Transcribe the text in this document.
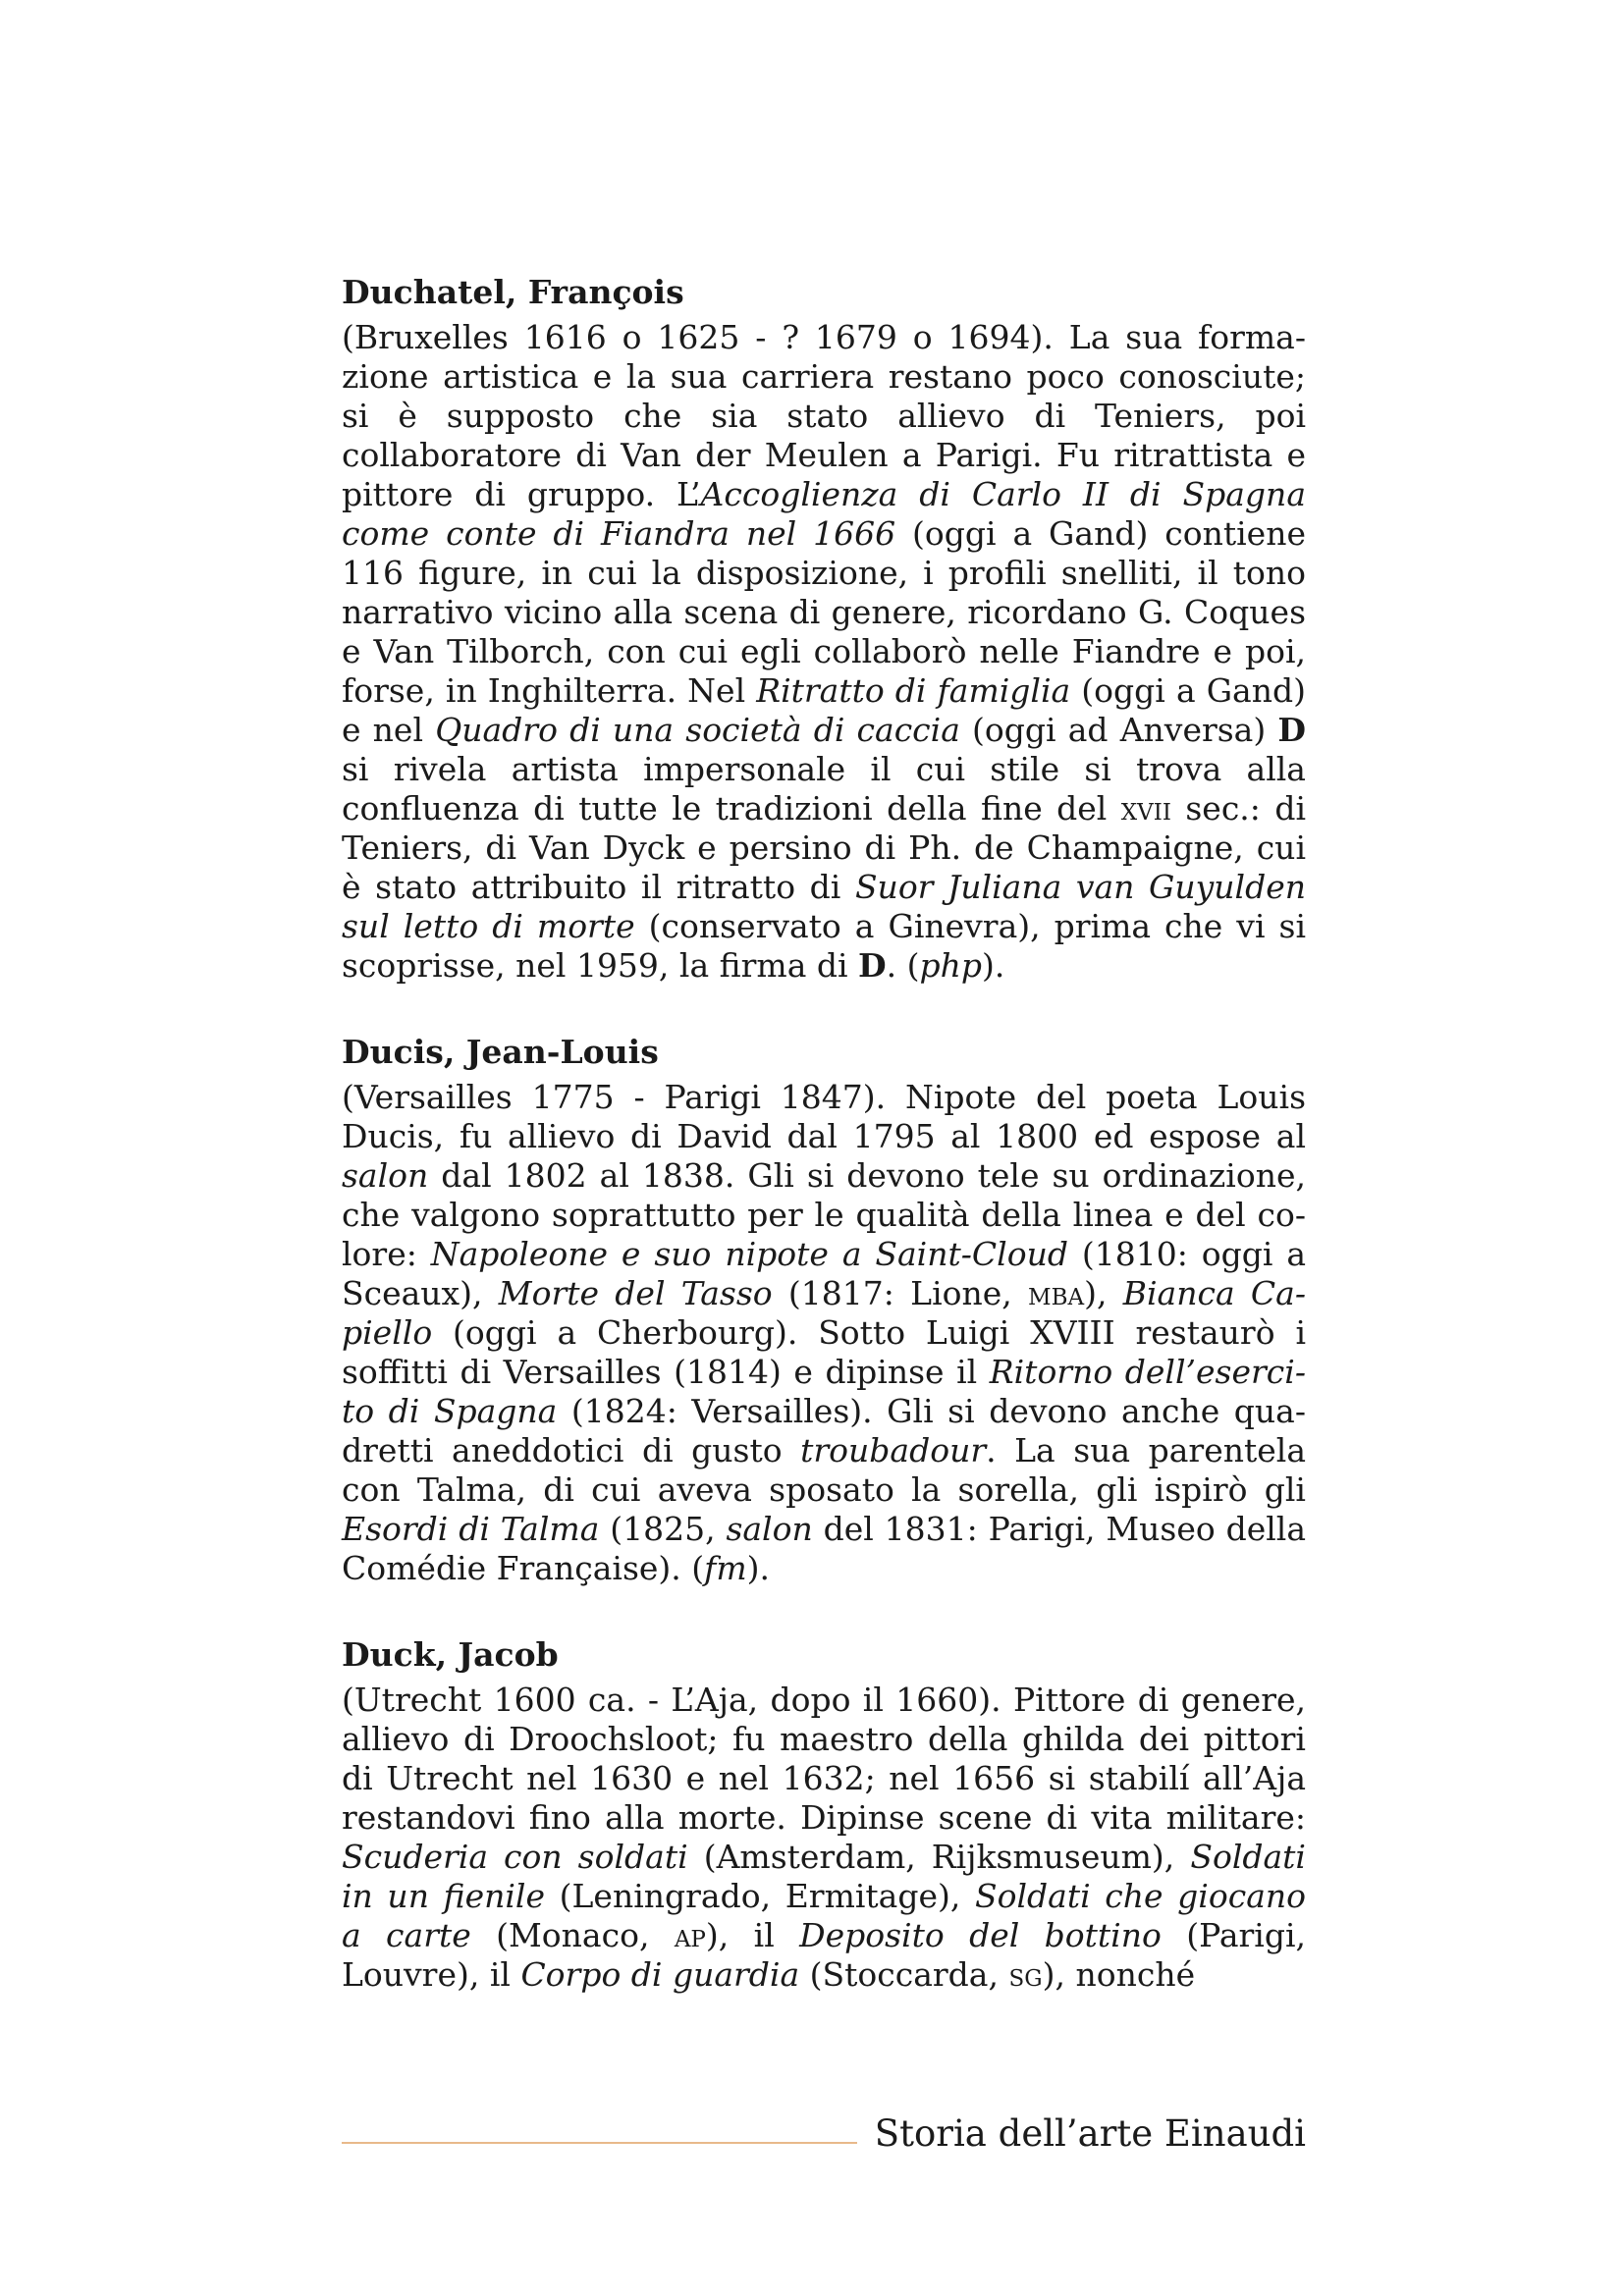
Duchatel, François

(Bruxelles 1616 o 1625 - ? 1679 o 1694). La sua formazione artistica e la sua carriera restano poco conosciute; si è supposto che sia stato allievo di Teniers, poi collaboratore di Van der Meulen a Parigi. Fu ritrattista e pittore di gruppo. L’Accoglienza di Carlo II di Spagna come conte di Fiandra nel 1666 (oggi a Gand) contiene 116 figure, in cui la disposizione, i profili snelliti, il tono narrativo vicino alla scena di genere, ricordano G. Coques e Van Tilborch, con cui egli collaborò nelle Fiandre e poi, forse, in Inghilterra. Nel Ritratto di famiglia (oggi a Gand) e nel Quadro di una società di caccia (oggi ad Anversa) D si rivela artista impersonale il cui stile si trova alla confluenza di tutte le tradizioni della fine del xvii sec.: di Teniers, di Van Dyck e persino di Ph. de Champaigne, cui è stato attribuito il ritratto di Suor Juliana van Guyulden sul letto di morte (conservato a Ginevra), prima che vi si scoprisse, nel 1959, la firma di D. (php).

Ducis, Jean-Louis

(Versailles 1775 - Parigi 1847). Nipote del poeta Louis Ducis, fu allievo di David dal 1795 al 1800 ed espose al salon dal 1802 al 1838. Gli si devono tele su ordinazione, che valgono soprattutto per le qualità della linea e del colore: Napoleone e suo nipote a Saint-Cloud (1810: oggi a Sceaux), Morte del Tasso (1817: Lione, mba), Bianca Capiello (oggi a Cherbourg). Sotto Luigi XVIII restaurò i soffitti di Versailles (1814) e dipinse il Ritorno dell’esercito di Spagna (1824: Versailles). Gli si devono anche quadretti aneddotici di gusto troubadour. La sua parentela con Talma, di cui aveva sposato la sorella, gli ispirò gli Esordi di Talma (1825, salon del 1831: Parigi, Museo della Comédie Française). (fm).

Duck, Jacob

(Utrecht 1600 ca. - L’Aja, dopo il 1660). Pittore di genere, allievo di Droochsloot; fu maestro della ghilda dei pittori di Utrecht nel 1630 e nel 1632; nel 1656 si stabilí all’Aja restandovi fino alla morte. Dipinse scene di vita militare: Scuderia con soldati (Amsterdam, Rijksmuseum), Soldati in un fienile (Leningrado, Ermitage), Soldati che giocano a carte (Monaco, ap), il Deposito del bottino (Parigi, Louvre), il Corpo di guardia (Stoccarda, sg), nonché

Storia dell’arte Einaudi
